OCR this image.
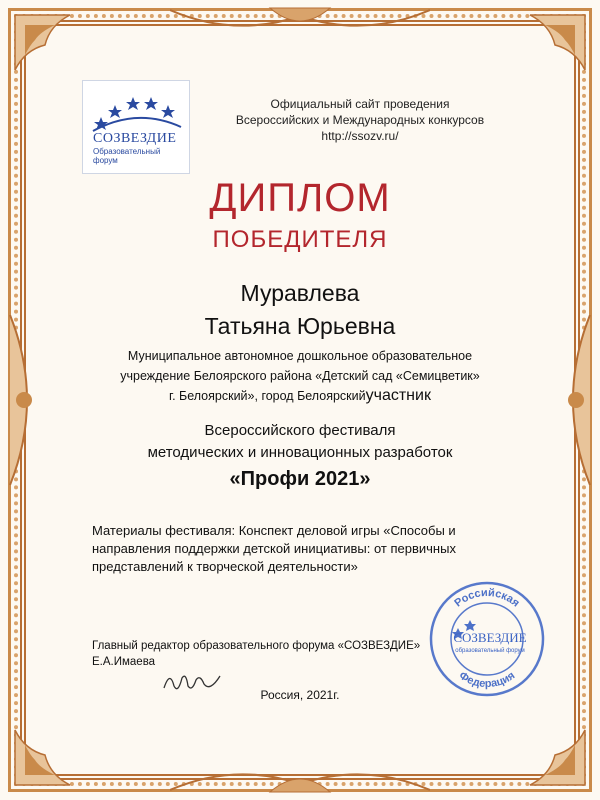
СОЗВЕЗДИЕ
Образовательный форум
Официальный сайт проведения
Всероссийских и Международных конкурсов
http://ssozv.ru/
ДИПЛОМ
ПОБЕДИТЕЛЯ
Муравлева
Татьяна Юрьевна
Муниципальное автономное дошкольное образовательное
учреждение Белоярского района «Детский сад «Семицветик»
г. Белоярский», город Белоярскийучастник
Всероссийского фестиваля
методических и инновационных разработок
«Профи 2021»
Материалы фестиваля: Конспект деловой игры «Способы и направления поддержки детской инициативы: от первичных представлений к творческой деятельности»
Главный редактор образовательного форума «СОЗВЕЗДИЕ»
Е.А.Имаева
Россия, 2021г.
Российская
Федерация
СОЗВЕЗДИЕ
образовательный форум
